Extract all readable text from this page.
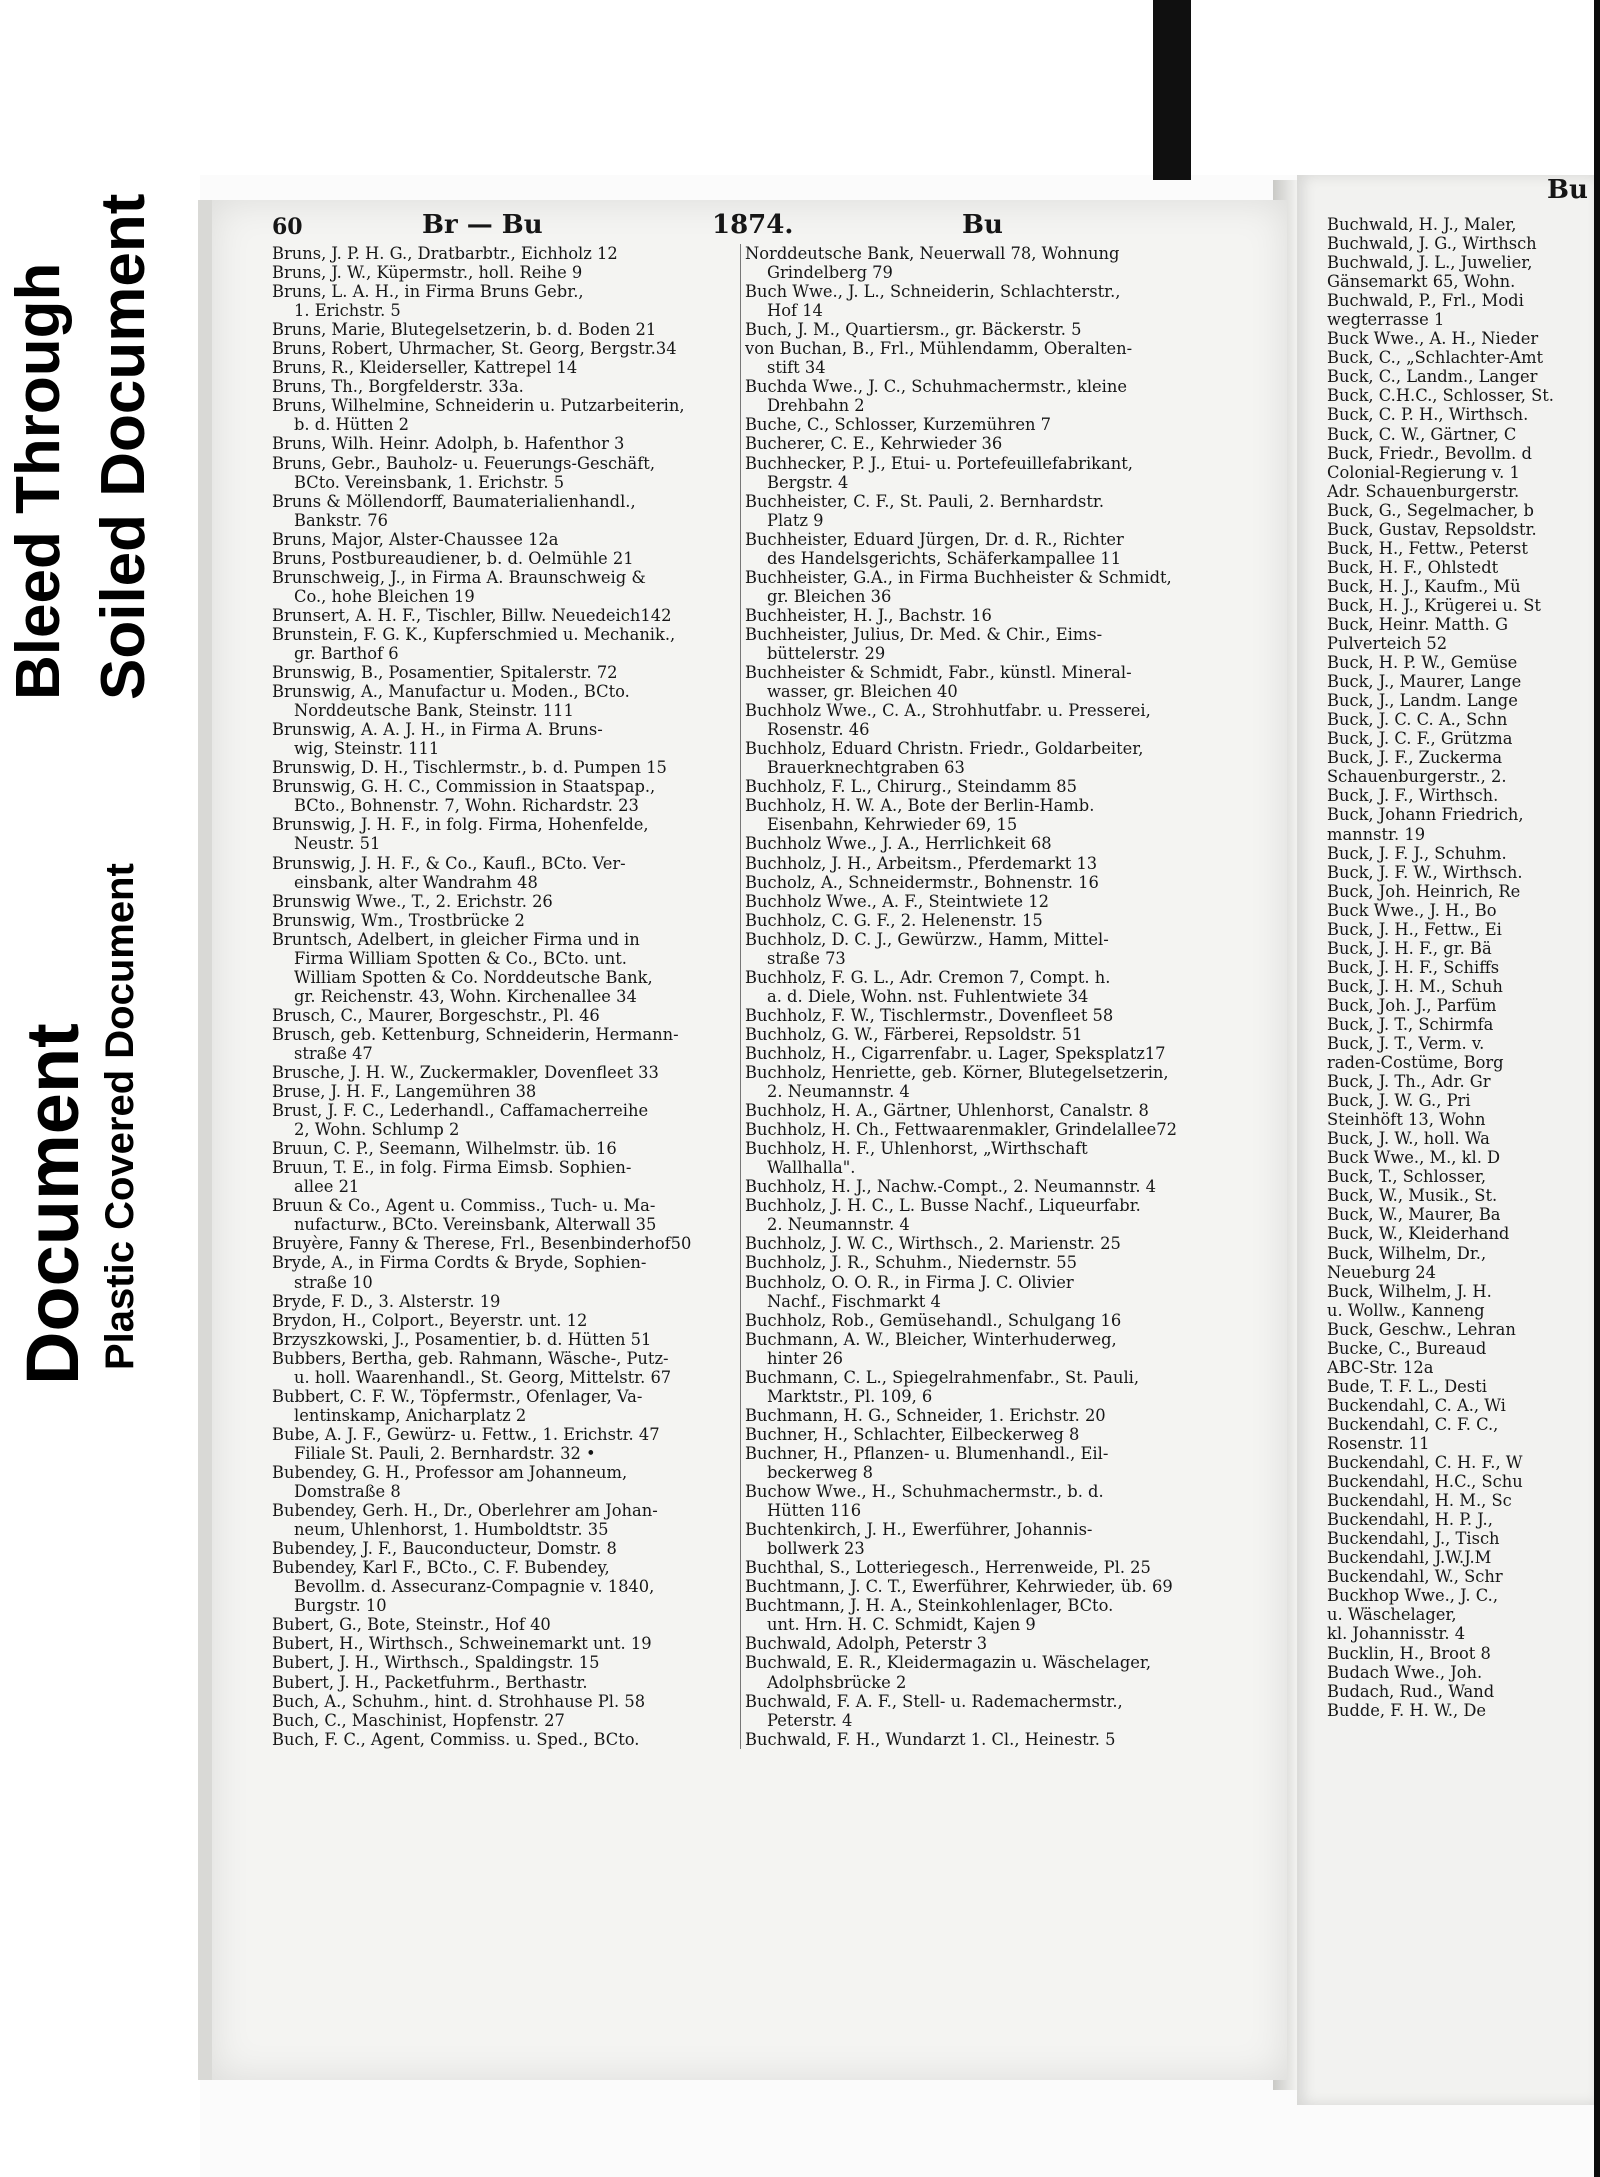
Bleed Through Soiled Document
Document Plastic Covered Document
60	Br — Bu	1874.	Bu
Bruns, J. P. H. G., Dratbarbtr., Eichholz 12
Bruns, J. W., Küpermstr., holl. Reihe 9
Bruns, L. A. H., in Firma Bruns Gebr.,
1. Erichstr. 5
Bruns, Marie, Blutegelsetzerin, b. d. Boden 21
Bruns, Robert, Uhrmacher, St. Georg, Bergstr.34
Bruns, R., Kleiderseller, Kattrepel 14
Bruns, Th., Borgfelderstr. 33a.
Bruns, Wilhelmine, Schneiderin u. Putzarbeiterin,
b. d. Hütten 2
Bruns, Wilh. Heinr. Adolph, b. Hafenthor 3
Bruns, Gebr., Bauholz- u. Feuerungs-Geschäft,
BCto. Vereinsbank, 1. Erichstr. 5
Bruns & Möllendorff, Baumaterialienhandl.,
Bankstr. 76
Bruns, Major, Alster-Chaussee 12a
Bruns, Postbureaudiener, b. d. Oelmühle 21
Brunschweig, J., in Firma A. Braunschweig &
Co., hohe Bleichen 19
Brunsert, A. H. F., Tischler, Billw. Neuedeich142
Brunstein, F. G. K., Kupferschmied u. Mechanik.,
gr. Barthof 6
Brunswig, B., Posamentier, Spitalerstr. 72
Brunswig, A., Manufactur u. Moden., BCto.
Norddeutsche Bank, Steinstr. 111
Brunswig, A. A. J. H., in Firma A. Bruns-
wig, Steinstr. 111
Brunswig, D. H., Tischlermstr., b. d. Pumpen 15
Brunswig, G. H. C., Commission in Staatspap.,
BCto., Bohnenstr. 7, Wohn. Richardstr. 23
Brunswig, J. H. F., in folg. Firma, Hohenfelde,
Neustr. 51
Brunswig, J. H. F., & Co., Kaufl., BCto. Ver-
einsbank, alter Wandrahm 48
Brunswig Wwe., T., 2. Erichstr. 26
Brunswig, Wm., Trostbrücke 2
Bruntsch, Adelbert, in gleicher Firma und in
Firma William Spotten & Co., BCto. unt.
William Spotten & Co. Norddeutsche Bank,
gr. Reichenstr. 43, Wohn. Kirchenallee 34
Brusch, C., Maurer, Borgeschstr., Pl. 46
Brusch, geb. Kettenburg, Schneiderin, Hermann-
straße 47
Brusche, J. H. W., Zuckermakler, Dovenfleet 33
Bruse, J. H. F., Langemühren 38
Brust, J. F. C., Lederhandl., Caffamacherreihe
2, Wohn. Schlump 2
Bruun, C. P., Seemann, Wilhelmstr. üb. 16
Bruun, T. E., in folg. Firma Eimsb. Sophien-
allee 21
Bruun & Co., Agent u. Commiss., Tuch- u. Ma-
nufacturw., BCto. Vereinsbank, Alterwall 35
Bruyère, Fanny & Therese, Frl., Besenbinderhof50
Bryde, A., in Firma Cordts & Bryde, Sophien-
straße 10
Bryde, F. D., 3. Alsterstr. 19
Brydon, H., Colport., Beyerstr. unt. 12
Brzyszkowski, J., Posamentier, b. d. Hütten 51
Bubbers, Bertha, geb. Rahmann, Wäsche-, Putz-
u. holl. Waarenhandl., St. Georg, Mittelstr. 67
Bubbert, C. F. W., Töpfermstr., Ofenlager, Va-
lentinskamp, Anicharplatz 2
Bube, A. J. F., Gewürz- u. Fettw., 1. Erichstr. 47
Filiale St. Pauli, 2. Bernhardstr. 32 •
Bubendey, G. H., Professor am Johanneum,
Domstraße 8
Bubendey, Gerh. H., Dr., Oberlehrer am Johan-
neum, Uhlenhorst, 1. Humboldtstr. 35
Bubendey, J. F., Bauconducteur, Domstr. 8
Bubendey, Karl F., BCto., C. F. Bubendey,
Bevollm. d. Assecuranz-Compagnie v. 1840,
Burgstr. 10
Bubert, G., Bote, Steinstr., Hof 40
Bubert, H., Wirthsch., Schweinemarkt unt. 19
Bubert, J. H., Wirthsch., Spaldingstr. 15
Bubert, J. H., Packetfuhrm., Berthastr.
Buch, A., Schuhm., hint. d. Strohhause Pl. 58
Buch, C., Maschinist, Hopfenstr. 27
Buch, F. C., Agent, Commiss. u. Sped., BCto.
Norddeutsche Bank, Neuerwall 78, Wohnung
Grindelberg 79
Buch Wwe., J. L., Schneiderin, Schlachterstr.,
Hof 14
Buch, J. M., Quartiersm., gr. Bäckerstr. 5
von Buchan, B., Frl., Mühlendamm, Oberalten-
stift 34
Buchda Wwe., J. C., Schuhmachermstr., kleine
Drehbahn 2
Buche, C., Schlosser, Kurzemühren 7
Bucherer, C. E., Kehrwieder 36
Buchhecker, P. J., Etui- u. Portefeuillefabrikant,
Bergstr. 4
Buchheister, C. F., St. Pauli, 2. Bernhardstr.
Platz 9
Buchheister, Eduard Jürgen, Dr. d. R., Richter
des Handelsgerichts, Schäferkampallee 11
Buchheister, G.A., in Firma Buchheister & Schmidt,
gr. Bleichen 36
Buchheister, H. J., Bachstr. 16
Buchheister, Julius, Dr. Med. & Chir., Eims-
büttelerstr. 29
Buchheister & Schmidt, Fabr., künstl. Mineral-
wasser, gr. Bleichen 40
Buchholz Wwe., C. A., Strohhutfabr. u. Presserei,
Rosenstr. 46
Buchholz, Eduard Christn. Friedr., Goldarbeiter,
Brauerknechtgraben 63
Buchholz, F. L., Chirurg., Steindamm 85
Buchholz, H. W. A., Bote der Berlin-Hamb.
Eisenbahn, Kehrwieder 69, 15
Buchholz Wwe., J. A., Herrlichkeit 68
Buchholz, J. H., Arbeitsm., Pferdemarkt 13
Bucholz, A., Schneidermstr., Bohnenstr. 16
Buchholz Wwe., A. F., Steintwiete 12
Buchholz, C. G. F., 2. Helenenstr. 15
Buchholz, D. C. J., Gewürzw., Hamm, Mittel-
straße 73
Buchholz, F. G. L., Adr. Cremon 7, Compt. h.
a. d. Diele, Wohn. nst. Fuhlentwiete 34
Buchholz, F. W., Tischlermstr., Dovenfleet 58
Buchholz, G. W., Färberei, Repsoldstr. 51
Buchholz, H., Cigarrenfabr. u. Lager, Speksplatz17
Buchholz, Henriette, geb. Körner, Blutegelsetzerin,
2. Neumannstr. 4
Buchholz, H. A., Gärtner, Uhlenhorst, Canalstr. 8
Buchholz, H. Ch., Fettwaarenmakler, Grindelallee72
Buchholz, H. F., Uhlenhorst, „Wirthschaft
Wallhalla".
Buchholz, H. J., Nachw.-Compt., 2. Neumannstr. 4
Buchholz, J. H. C., L. Busse Nachf., Liqueurfabr.
2. Neumannstr. 4
Buchholz, J. W. C., Wirthsch., 2. Marienstr. 25
Buchholz, J. R., Schuhm., Niedernstr. 55
Buchholz, O. O. R., in Firma J. C. Olivier
Nachf., Fischmarkt 4
Buchholz, Rob., Gemüsehandl., Schulgang 16
Buchmann, A. W., Bleicher, Winterhuderweg,
hinter 26
Buchmann, C. L., Spiegelrahmenfabr., St. Pauli,
Marktstr., Pl. 109, 6
Buchmann, H. G., Schneider, 1. Erichstr. 20
Buchner, H., Schlachter, Eilbeckerweg 8
Buchner, H., Pflanzen- u. Blumenhandl., Eil-
beckerweg 8
Buchow Wwe., H., Schuhmachermstr., b. d.
Hütten 116
Buchtenkirch, J. H., Ewerführer, Johannis-
bollwerk 23
Buchthal, S., Lotteriegesch., Herrenweide, Pl. 25
Buchtmann, J. C. T., Ewerführer, Kehrwieder, üb. 69
Buchtmann, J. H. A., Steinkohlenlager, BCto.
unt. Hrn. H. C. Schmidt, Kajen 9
Buchwald, Adolph, Peterstr 3
Buchwald, E. R., Kleidermagazin u. Wäschelager,
Adolphsbrücke 2
Buchwald, F. A. F., Stell- u. Rademachermstr.,
Peterstr. 4
Buchwald, F. H., Wundarzt 1. Cl., Heinestr. 5
Bu
Buchwald, H. J., Maler,
Buchwald, J. G., Wirthsch
Buchwald, J. L., Juwelier,
Gänsemarkt 65, Wohn.
Buchwald, P., Frl., Modi
wegterrasse 1
Buck Wwe., A. H., Nieder
Buck, C., „Schlachter-Amt
Buck, C., Landm., Langer
Buck, C.H.C., Schlosser, St.
Buck, C. P. H., Wirthsch.
Buck, C. W., Gärtner, C
Buck, Friedr., Bevollm. d
Colonial-Regierung v. 1
Adr. Schauenburgerstr.
Buck, G., Segelmacher, b
Buck, Gustav, Repsoldstr.
Buck, H., Fettw., Peterst
Buck, H. F., Ohlstedt
Buck, H. J., Kaufm., Mü
Buck, H. J., Krügerei u. St
Buck, Heinr. Matth. G
Pulverteich 52
Buck, H. P. W., Gemüse
Buck, J., Maurer, Lange
Buck, J., Landm. Lange
Buck, J. C. C. A., Schn
Buck, J. C. F., Grützma
Buck, J. F., Zuckerma
Schauenburgerstr., 2.
Buck, J. F., Wirthsch.
Buck, Johann Friedrich,
mannstr. 19
Buck, J. F. J., Schuhm.
Buck, J. F. W., Wirthsch.
Buck, Joh. Heinrich, Re
Buck Wwe., J. H., Bo
Buck, J. H., Fettw., Ei
Buck, J. H. F., gr. Bä
Buck, J. H. F., Schiffs
Buck, J. H. M., Schuh
Buck, Joh. J., Parfüm
Buck, J. T., Schirmfa
Buck, J. T., Verm. v.
raden-Costüme, Borg
Buck, J. Th., Adr. Gr
Buck, J. W. G., Pri
Steinhöft 13, Wohn
Buck, J. W., holl. Wa
Buck Wwe., M., kl. D
Buck, T., Schlosser,
Buck, W., Musik., St.
Buck, W., Maurer, Ba
Buck, W., Kleiderhand
Buck, Wilhelm, Dr.,
Neueburg 24
Buck, Wilhelm, J. H.
u. Wollw., Kanneng
Buck, Geschw., Lehran
Bucke, C., Bureaud
ABC-Str. 12a
Bude, T. F. L., Desti
Buckendahl, C. A., Wi
Buckendahl, C. F. C.,
Rosenstr. 11
Buckendahl, C. H. F., W
Buckendahl, H.C., Schu
Buckendahl, H. M., Sc
Buckendahl, H. P. J.,
Buckendahl, J., Tisch
Buckendahl, J.W.J.M
Buckendahl, W., Schr
Buckhop Wwe., J. C.,
u. Wäschelager,
kl. Johannisstr. 4
Bucklin, H., Broot 8
Budach Wwe., Joh.
Budach, Rud., Wand
Budde, F. H. W., De
